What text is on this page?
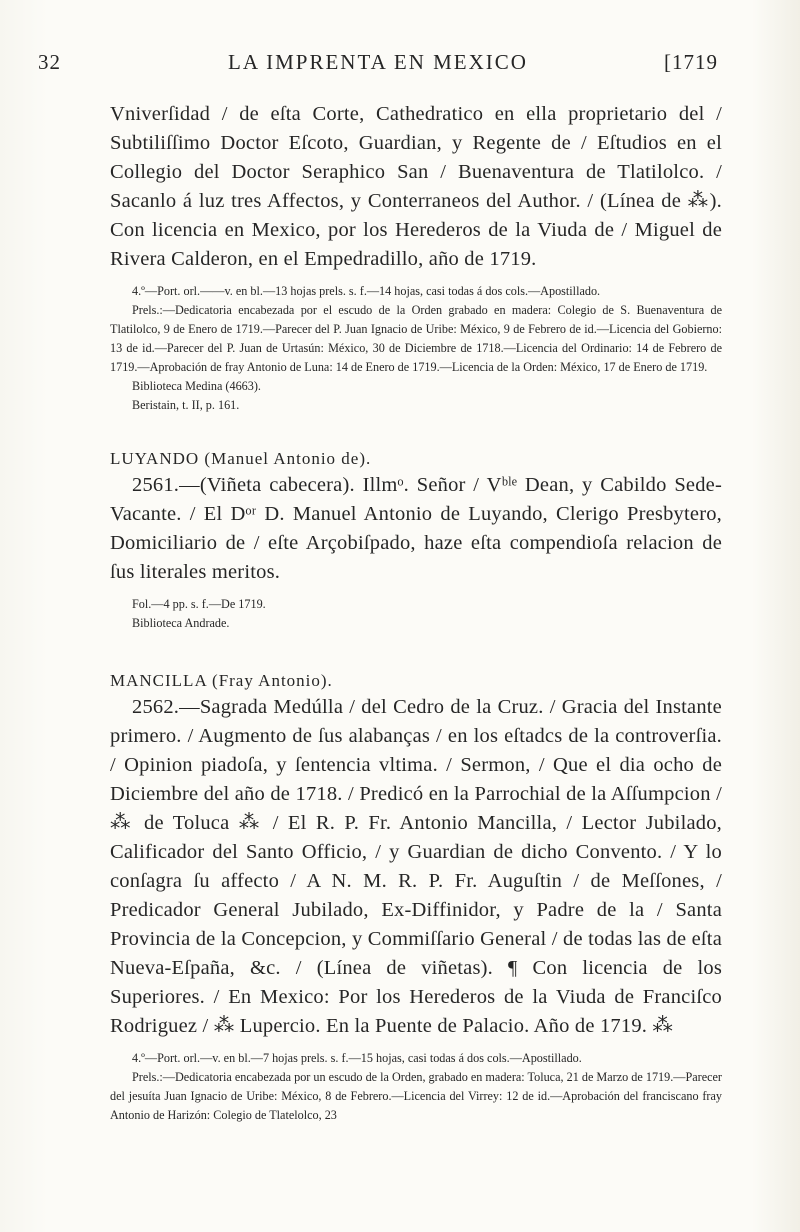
32	LA IMPRENTA EN MEXICO	[1719

Vniverſidad / de eſta Corte, Cathedratico en ella proprietario del / Subtiliſſimo Doctor Eſcoto, Guardian, y Regente de / Eſtudios en el Collegio del Doctor Seraphico San / Buenaventura de Tlatilolco. / Sacanlo á luz tres Affectos, y Conterraneos del Author. / (Línea de ⁂). Con licencia en Mexico, por los Herederos de la Viuda de / Miguel de Rivera Calderon, en el Empedradillo, año de 1719.

4.º—Port. orl.——v. en bl.—13 hojas prels. s. f.—14 hojas, casi todas á dos cols.—Apostillado.

Prels.:—Dedicatoria encabezada por el escudo de la Orden grabado en madera: Colegio de S. Buenaventura de Tlatilolco, 9 de Enero de 1719.—Parecer del P. Juan Ignacio de Uribe: México, 9 de Febrero de id.—Licencia del Gobierno: 13 de id.—Parecer del P. Juan de Urtasún: México, 30 de Diciembre de 1718.—Licencia del Ordinario: 14 de Febrero de 1719.—Aprobación de fray Antonio de Luna: 14 de Enero de 1719.—Licencia de la Orden: México, 17 de Enero de 1719.

Biblioteca Medina (4663).

Beristain, t. II, p. 161.

LUYANDO (Manuel Antonio de).

2561.—(Viñeta cabecera). Illmᵒ. Señor / Vᵇˡᵉ Dean, y Cabildo Sede-Vacante. / El Dᵒʳ D. Manuel Antonio de Luyando, Clerigo Presbytero, Domiciliario de / eſte Arçobiſpado, haze eſta compendioſa relacion de ſus literales meritos.

Fol.—4 pp. s. f.—De 1719.

Biblioteca Andrade.

MANCILLA (Fray Antonio).

2562.—Sagrada Medúlla / del Cedro de la Cruz. / Gracia del Instante primero. / Augmento de ſus alabanças / en los eſtadcs de la controverſia. / Opinion piadoſa, y ſentencia vltima. / Sermon, / Que el dia ocho de Diciembre del año de 1718. / Predicó en la Parrochial de la Aſſumpcion / ⁂ de Toluca ⁂ / El R. P. Fr. Antonio Mancilla, / Lector Jubilado, Calificador del Santo Officio, / y Guardian de dicho Convento. / Y lo conſagra ſu affecto / A N. M. R. P. Fr. Auguſtin / de Meſſones, / Predicador General Jubilado, Ex-Diffinidor, y Padre de la / Santa Provincia de la Concepcion, y Commiſſario General / de todas las de eſta Nueva-Eſpaña, &c. / (Línea de viñetas). ¶ Con licencia de los Superiores. / En Mexico: Por los Herederos de la Viuda de Franciſco Rodriguez / ⁂ Lupercio. En la Puente de Palacio. Año de 1719. ⁂

4.º—Port. orl.—v. en bl.—7 hojas prels. s. f.—15 hojas, casi todas á dos cols.—Apostillado.

Prels.:—Dedicatoria encabezada por un escudo de la Orden, grabado en madera: Toluca, 21 de Marzo de 1719.—Parecer del jesuíta Juan Ignacio de Uribe: México, 8 de Febrero.—Licencia del Virrey: 12 de id.—Aprobación del franciscano fray Antonio de Harizón: Colegio de Tlatelolco, 23
